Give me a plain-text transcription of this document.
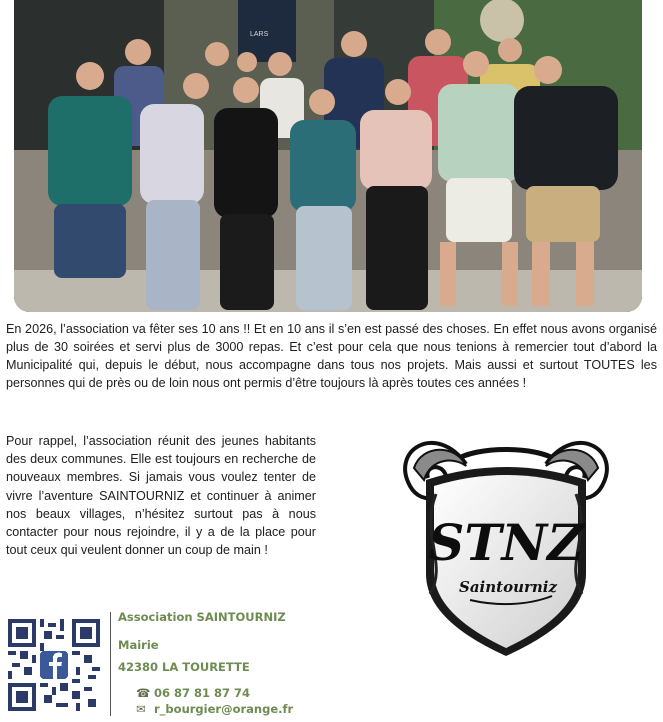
LARS

En 2026, l’association va fêter ses 10 ans !! Et en 10 ans il s’en est passé des choses. En effet nous avons organisé plus de 30 soirées et servi plus de 3000 repas. Et c’est pour cela que nous tenions à remercier tout d’abord la Municipalité qui, depuis le début, nous accompagne dans tous nos projets. Mais aussi et surtout TOUTES les personnes qui de près ou de loin nous ont permis d’être toujours là après toutes ces années !

Pour rappel, l’association réunit des jeunes habitants des deux communes. Elle est toujours en recherche de nouveaux membres. Si jamais vous voulez tenter de vivre l’aventure SAINTOURNIZ et continuer à animer nos beaux villages, n’hésitez surtout pas à nous contacter pour nous rejoindre, il y a de la place pour tout ceux qui veulent donner un coup de main !	STNZ
Saintourniz
Association SAINTOURNIZ
Mairie
42380 LA TOURETTE
☎ 06 87 81 87 74
✉ r_bourgier@orange.fr
